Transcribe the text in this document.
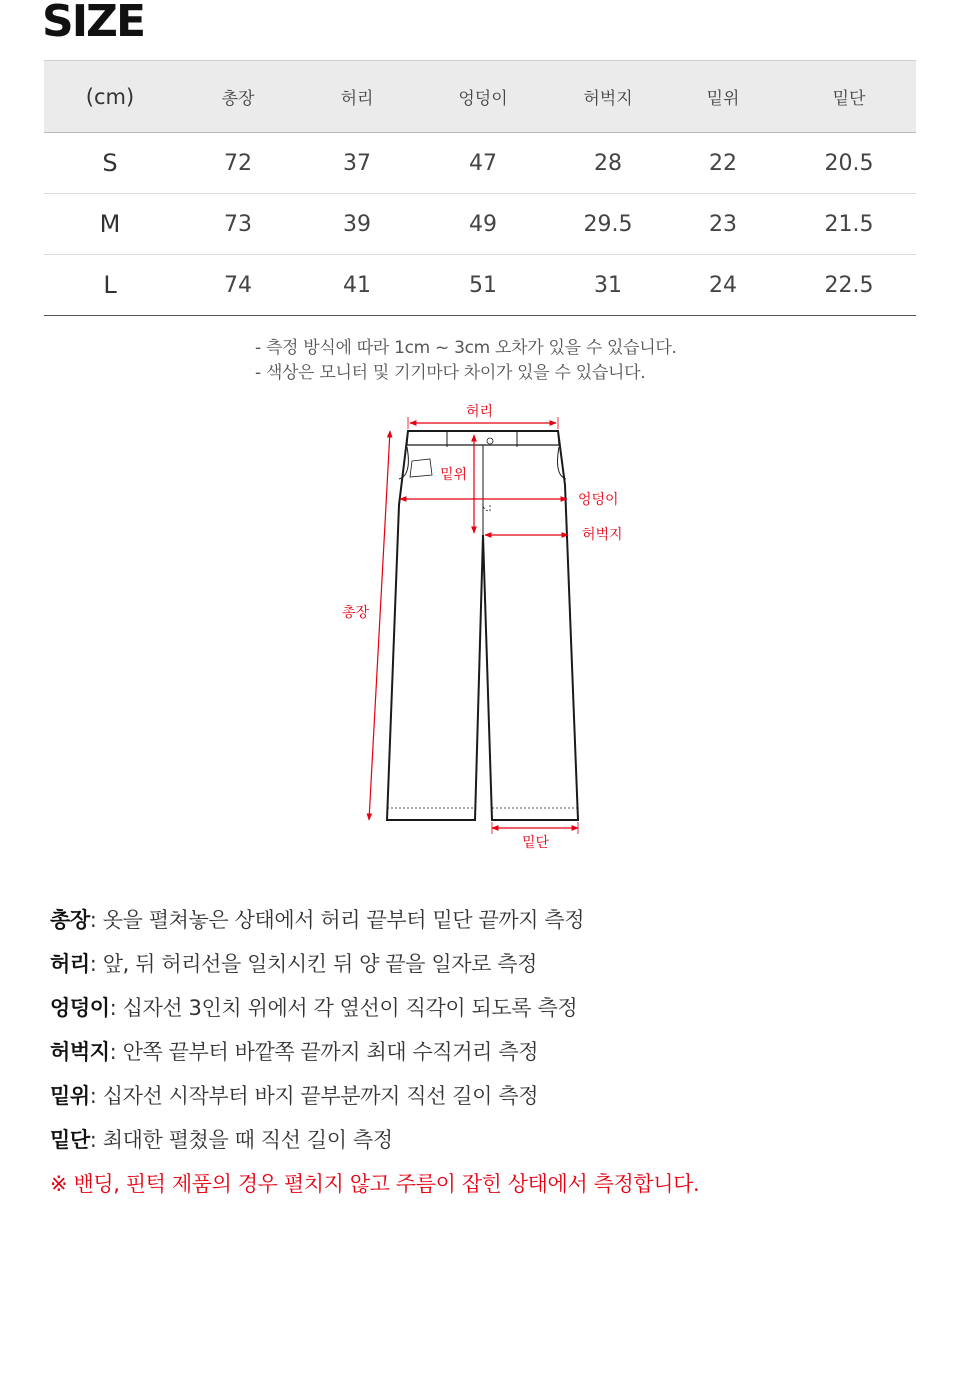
SIZE
(cm)	총장	허리	엉덩이	허벅지	밑위	밑단
S	72	37	47	28	22	20.5
M	73	39	49	29.5	23	21.5
L	74	41	51	31	24	22.5
- 측정 방식에 따라 1cm ~ 3cm 오차가 있을 수 있습니다.
- 색상은 모니터 및 기기마다 차이가 있을 수 있습니다.
허리
밑위
엉덩이
허벅지
총장
밑단
총장: 옷을 펼쳐놓은 상태에서 허리 끝부터 밑단 끝까지 측정
허리: 앞, 뒤 허리선을 일치시킨 뒤 양 끝을 일자로 측정
엉덩이: 십자선 3인치 위에서 각 옆선이 직각이 되도록 측정
허벅지: 안쪽 끝부터 바깥쪽 끝까지 최대 수직거리 측정
밑위: 십자선 시작부터 바지 끝부분까지 직선 길이 측정
밑단: 최대한 펼쳤을 때 직선 길이 측정
※ 밴딩, 핀턱 제품의 경우 펼치지 않고 주름이 잡힌 상태에서 측정합니다.
